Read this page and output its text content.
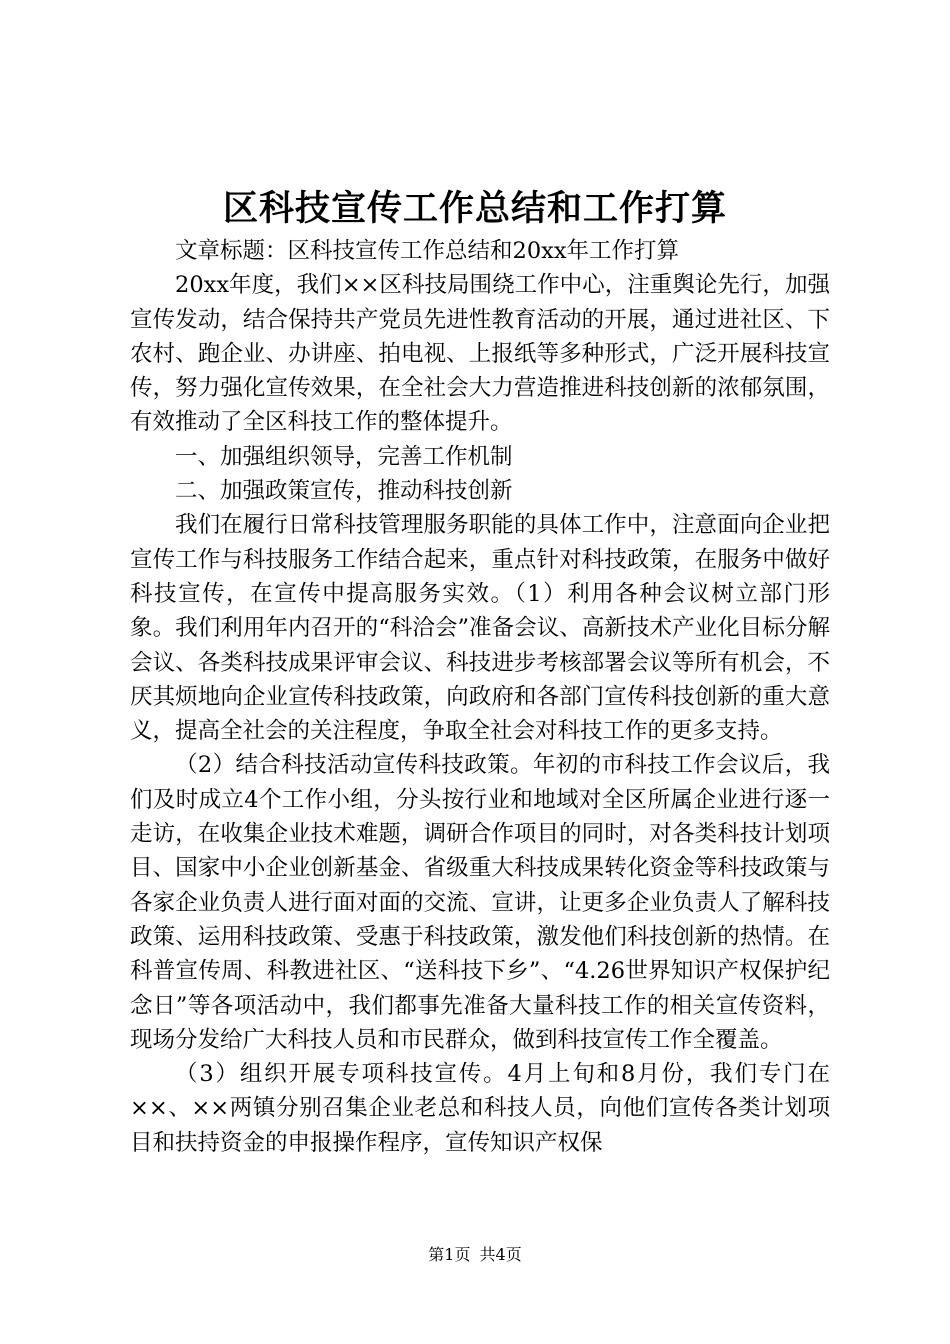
区科技宣传工作总结和工作打算

文章标题：区科技宣传工作总结和20xx年工作打算

20xx年度，我们××区科技局围绕工作中心，注重舆论先行，加强宣传发动，结合保持共产党员先进性教育活动的开展，通过进社区、下农村、跑企业、办讲座、拍电视、上报纸等多种形式，广泛开展科技宣传，努力强化宣传效果，在全社会大力营造推进科技创新的浓郁氛围，有效推动了全区科技工作的整体提升。

一、加强组织领导，完善工作机制

二、加强政策宣传，推动科技创新

我们在履行日常科技管理服务职能的具体工作中，注意面向企业把宣传工作与科技服务工作结合起来，重点针对科技政策，在服务中做好科技宣传，在宣传中提高服务实效。（1）利用各种会议树立部门形象。我们利用年内召开的“科洽会”准备会议、高新技术产业化目标分解会议、各类科技成果评审会议、科技进步考核部署会议等所有机会，不厌其烦地向企业宣传科技政策，向政府和各部门宣传科技创新的重大意义，提高全社会的关注程度，争取全社会对科技工作的更多支持。

（2）结合科技活动宣传科技政策。年初的市科技工作会议后，我们及时成立4个工作小组，分头按行业和地域对全区所属企业进行逐一走访，在收集企业技术难题，调研合作项目的同时，对各类科技计划项目、国家中小企业创新基金、省级重大科技成果转化资金等科技政策与各家企业负责人进行面对面的交流、宣讲，让更多企业负责人了解科技政策、运用科技政策、受惠于科技政策，激发他们科技创新的热情。在科普宣传周、科教进社区、“送科技下乡”、“4.26世界知识产权保护纪念日”等各项活动中，我们都事先准备大量科技工作的相关宣传资料，现场分发给广大科技人员和市民群众，做到科技宣传工作全覆盖。

（3）组织开展专项科技宣传。4月上旬和8月份，我们专门在××、××两镇分别召集企业老总和科技人员，向他们宣传各类计划项目和扶持资金的申报操作程序，宣传知识产权保

第1页 共4页
